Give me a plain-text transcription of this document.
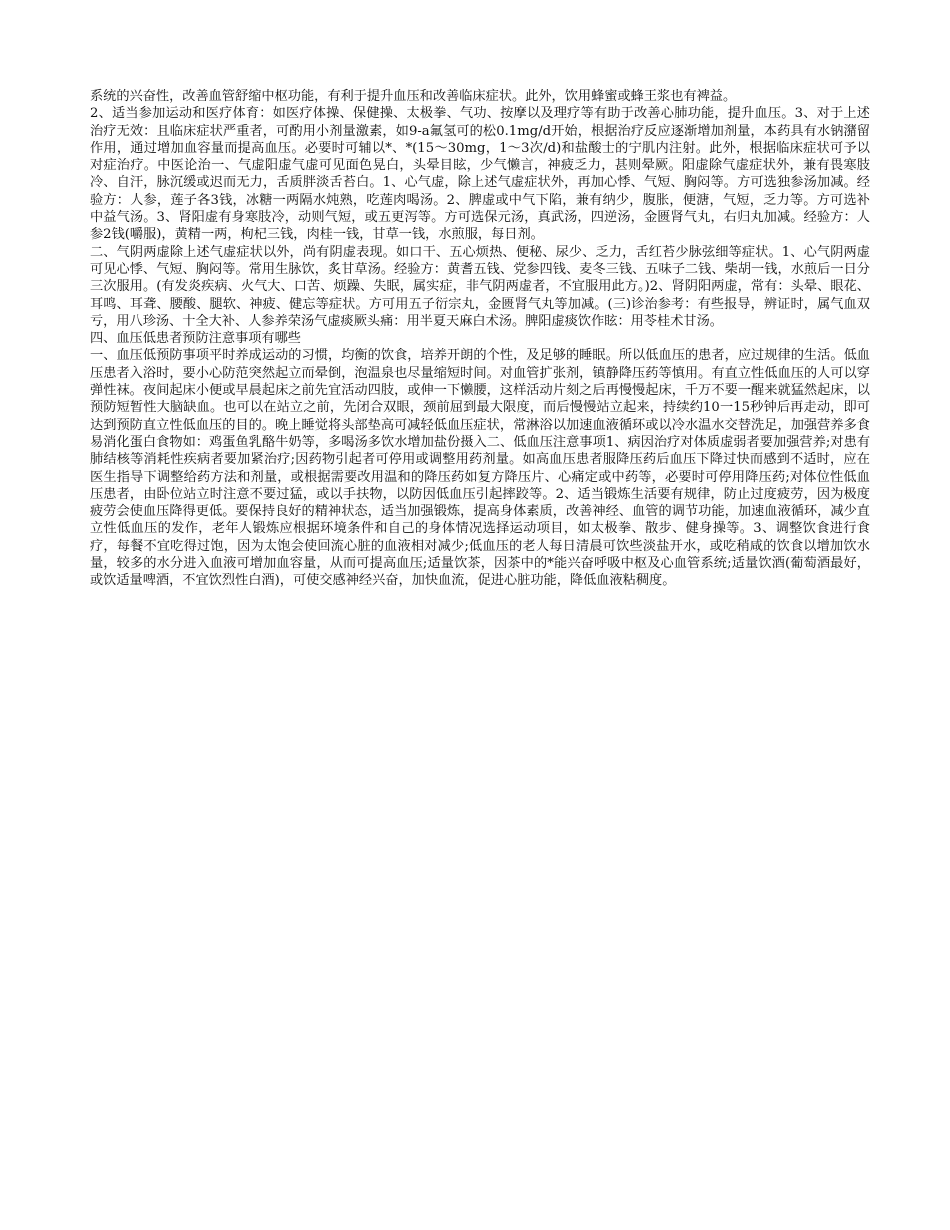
系统的兴奋性，改善血管舒缩中枢功能，有利于提升血压和改善临床症状。此外，饮用蜂蜜或蜂王浆也有裨益。

2、适当参加运动和医疗体育：如医疗体操、保健操、太极拳、气功、按摩以及理疗等有助于改善心肺功能，提升血压。3、对于上述治疗无效：且临床症状严重者，可酌用小剂量激素，如9-a氟氢可的松0.1mg/d开始，根据治疗反应逐渐增加剂量，本药具有水钠潴留作用，通过增加血容量而提高血压。必要时可辅以*、*(15～30mg，1～3次/d)和盐酸士的宁肌内注射。此外，根据临床症状可予以对症治疗。中医论治一、气虚阳虚气虚可见面色晃白，头晕目眩，少气懒言，神疲乏力，甚则晕厥。阳虚除气虚症状外，兼有畏寒肢冷、自汗，脉沉缓或迟而无力，舌质胖淡舌苔白。1、心气虚，除上述气虚症状外，再加心悸、气短、胸闷等。方可选独参汤加减。经验方：人参，莲子各3钱，冰糖一两隔水炖熟，吃莲肉喝汤。2、脾虚或中气下陷，兼有纳少，腹胀，便溏，气短，乏力等。方可选补中益气汤。3、肾阳虚有身寒肢冷，动则气短，或五更泻等。方可选保元汤，真武汤，四逆汤，金匮肾气丸，右归丸加减。经验方：人参2钱(嚼服)，黄精一两，枸杞三钱，肉桂一钱，甘草一钱，水煎服，每日剂。

二、气阴两虚除上述气虚症状以外，尚有阴虚表现。如口干、五心烦热、便秘、尿少、乏力，舌红苔少脉弦细等症状。1、心气阴两虚可见心悸、气短、胸闷等。常用生脉饮，炙甘草汤。经验方：黄耆五钱、党参四钱、麦冬三钱、五味子二钱、柴胡一钱，水煎后一日分三次服用。(有发炎疾病、火气大、口苦、烦躁、失眠，属实症，非气阴两虚者，不宜服用此方。)2、肾阴阳两虚，常有：头晕、眼花、耳鸣、耳聋、腰酸、腿软、神疲、健忘等症状。方可用五子衍宗丸，金匮肾气丸等加减。(三)诊治参考：有些报导，辨证时，属气血双亏，用八珍汤、十全大补、人参养荣汤气虚痰厥头痛：用半夏天麻白术汤。脾阳虚痰饮作眩：用苓桂术甘汤。

四、血压低患者预防注意事项有哪些

一、血压低预防事项平时养成运动的习惯，均衡的饮食，培养开朗的个性，及足够的睡眠。所以低血压的患者，应过规律的生活。低血压患者入浴时，要小心防范突然起立而晕倒，泡温泉也尽量缩短时间。对血管扩张剂，镇静降压药等慎用。有直立性低血压的人可以穿弹性袜。夜间起床小便或早晨起床之前先宜活动四肢，或伸一下懒腰，这样活动片刻之后再慢慢起床，千万不要一醒来就猛然起床，以预防短暂性大脑缺血。也可以在站立之前，先闭合双眼，颈前屈到最大限度，而后慢慢站立起来，持续约10一15秒钟后再走动，即可达到预防直立性低血压的目的。晚上睡觉将头部垫高可减轻低血压症状，常淋浴以加速血液循环或以冷水温水交替洗足，加强营养多食易消化蛋白食物如：鸡蛋鱼乳酪牛奶等，多喝汤多饮水增加盐份摄入二、低血压注意事项1、病因治疗对体质虚弱者要加强营养;对患有肺结核等消耗性疾病者要加紧治疗;因药物引起者可停用或调整用药剂量。如高血压患者服降压药后血压下降过快而感到不适时，应在医生指导下调整给药方法和剂量，或根据需要改用温和的降压药如复方降压片、心痛定或中药等，必要时可停用降压药;对体位性低血压患者，由卧位站立时注意不要过猛，或以手扶物，以防因低血压引起摔跤等。2、适当锻炼生活要有规律，防止过度疲劳，因为极度疲劳会使血压降得更低。要保持良好的精神状态，适当加强锻炼，提高身体素质，改善神经、血管的调节功能，加速血液循环，减少直立性低血压的发作，老年人锻炼应根据环境条件和自己的身体情况选择运动项目，如太极拳、散步、健身操等。3、调整饮食进行食疗，每餐不宜吃得过饱，因为太饱会使回流心脏的血液相对减少;低血压的老人每日清晨可饮些淡盐开水，或吃稍咸的饮食以增加饮水量，较多的水分进入血液可增加血容量，从而可提高血压;适量饮茶，因茶中的*能兴奋呼吸中枢及心血管系统;适量饮酒(葡萄酒最好，或饮适量啤酒，不宜饮烈性白酒)，可使交感神经兴奋，加快血流，促进心脏功能，降低血液粘稠度。
